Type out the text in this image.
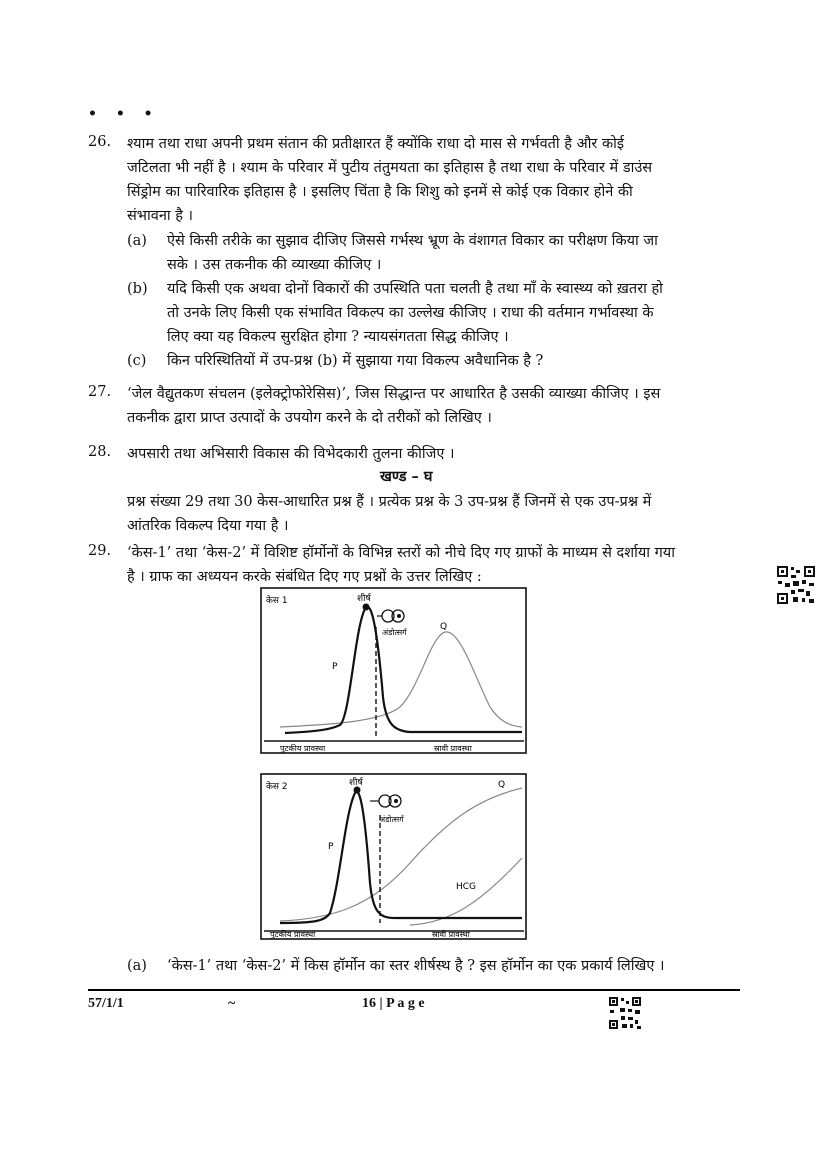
• • •
26. श्याम तथा राधा अपनी प्रथम संतान की प्रतीक्षारत हैं क्योंकि राधा दो मास से गर्भवती है और कोई
जटिलता भी नहीं है । श्याम के परिवार में पुटीय तंतुमयता का इतिहास है तथा राधा के परिवार में डाउंस
सिंड्रोम का पारिवारिक इतिहास है । इसलिए चिंता है कि शिशु को इनमें से कोई एक विकार होने की
संभावना है ।
(a) ऐसे किसी तरीके का सुझाव दीजिए जिससे गर्भस्थ भ्रूण के वंशागत विकार का परीक्षण किया जा
सके । उस तकनीक की व्याख्या कीजिए ।
(b) यदि किसी एक अथवा दोनों विकारों की उपस्थिति पता चलती है तथा माँ के स्वास्थ्य को ख़तरा हो
तो उनके लिए किसी एक संभावित विकल्प का उल्लेख कीजिए । राधा की वर्तमान गर्भावस्था के
लिए क्या यह विकल्प सुरक्षित होगा ? न्यायसंगतता सिद्ध कीजिए ।
(c) किन परिस्थितियों में उप-प्रश्न (b) में सुझाया गया विकल्प अवैधानिक है ?
27. ‘जेल वैद्युतकण संचलन (इलेक्ट्रोफोरेसिस)’, जिस सिद्धान्त पर आधारित है उसकी व्याख्या कीजिए । इस
तकनीक द्वारा प्राप्त उत्पादों के उपयोग करने के दो तरीकों को लिखिए ।
28. अपसारी तथा अभिसारी विकास की विभेदकारी तुलना कीजिए ।
खण्ड – घ
प्रश्न संख्या 29 तथा 30 केस-आधारित प्रश्न हैं । प्रत्येक प्रश्न के 3 उप-प्रश्न हैं जिनमें से एक उप-प्रश्न में
आंतरिक विकल्प दिया गया है ।
29. ‘केस-1’ तथा ‘केस-2’ में विशिष्ट हॉर्मोनों के विभिन्न स्तरों को नीचे दिए गए ग्राफों के माध्यम से दर्शाया गया
है । ग्राफ का अध्ययन करके संबंधित दिए गए प्रश्नों के उत्तर लिखिए :
केस 1	शीर्ष
अंडोत्सर्ग
P
Q
पुटकीय प्रावस्था	स्रावी प्रावस्था
केस 2	शीर्ष
अंडोत्सर्ग
P
Q
HCG
पुटकीय प्रावस्था	स्रावी प्रावस्था
(a) ‘केस-1’ तथा ‘केस-2’ में किस हॉर्मोन का स्तर शीर्षस्थ है ? इस हॉर्मोन का एक प्रकार्य लिखिए ।
57/1/1	~	16 | P a g e
